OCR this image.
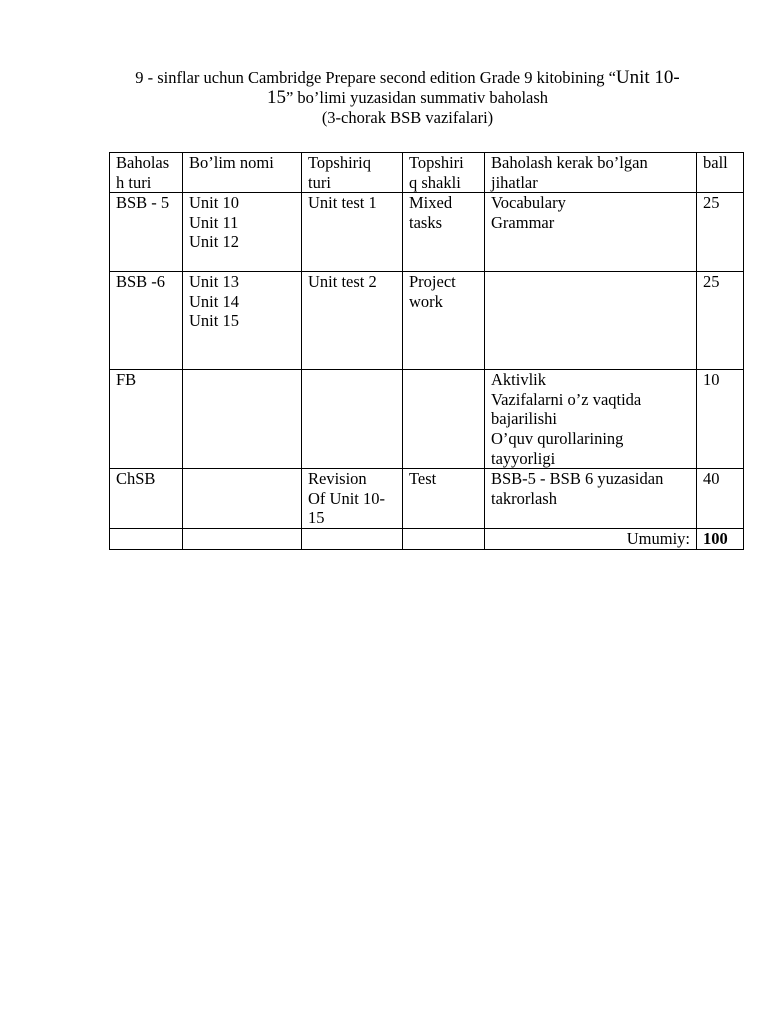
9 - sinflar uchun Cambridge Prepare second edition Grade 9 kitobining “Unit 10-
15” bo’limi yuzasidan summativ baholash
(3-chorak BSB vazifalari)
Baholas
h turi	Bo’lim nomi	Topshiriq
turi	Topshiri
q shakli	Baholash kerak bo’lgan
jihatlar	ball

BSB - 5	Unit 10
Unit 11
Unit 12	Unit test 1	Mixed
tasks	Vocabulary
Grammar	25

BSB -6	Unit 13
Unit 14
Unit 15	Unit test 2	Project
work		25

FB				Aktivlik
Vazifalarni o’z vaqtida
bajarilishi
O’quv qurollarining
tayyorligi	10

ChSB		Revision
Of Unit 10-
15	Test	BSB-5 - BSB 6 yuzasidan
takrorlash	40

				Umumiy:	100
